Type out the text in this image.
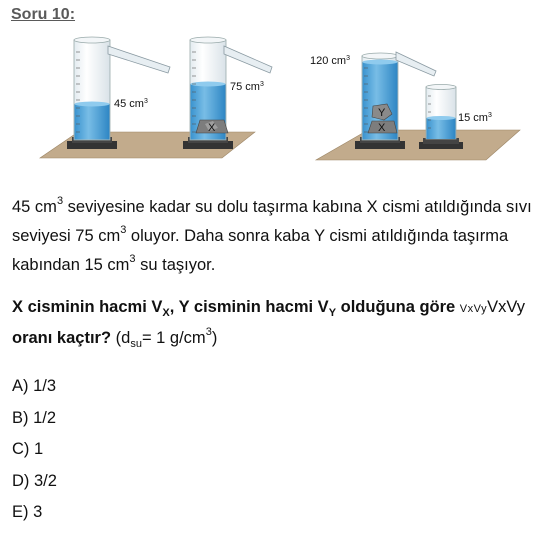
Soru 10:
45 $cm^3$
X
75 $cm^3$
X
Y
120 $cm^3$
15 $cm^3$
45 $cm^3$ seviyesine kadar su dolu taşırma kabına X cismi atıldığında sıvı seviyesi 75 $cm^3$ oluyor. Daha sonra kaba Y cismi atıldığında taşırma kabından 15 $cm^3$ su taşıyor.
X cisminin hacmi $V_X$, Y cisminin hacmi $V_Y$ olduğuna göre VxVyVxVy oranı kaçtır? ($d_{su}= 1$ $g/cm^3$)
A) 1/3
B) 1/2
C) 1
D) 3/2
E) 3
